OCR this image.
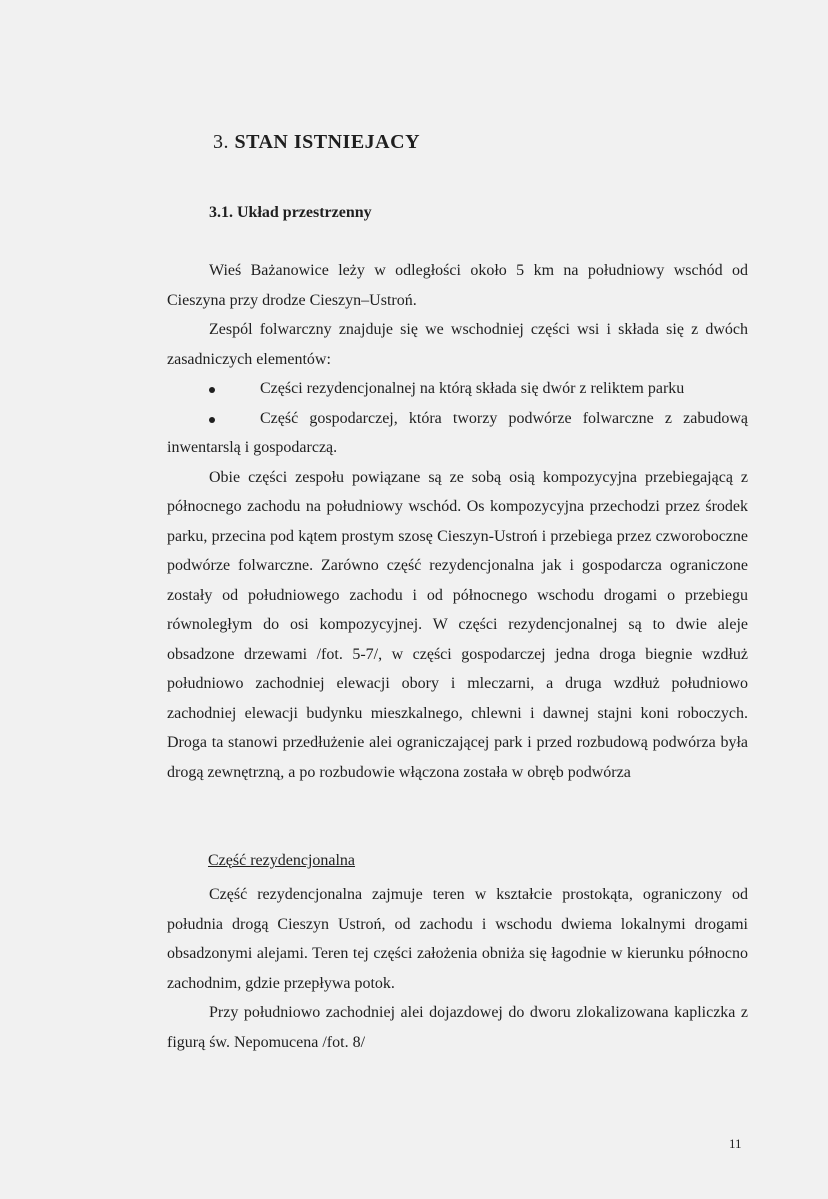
3. STAN ISTNIEJACY
3.1. Układ przestrzenny

Wieś Bażanowice leży w odległości około 5 km na południowy wschód od Cieszyna przy drodze Cieszyn–Ustroń.

Zespól folwarczny znajduje się we wschodniej części wsi i składa się z dwóch zasadniczych elementów:

Części rezydencjonalnej na którą składa się dwór z reliktem parku

Część gospodarczej, która tworzy podwórze folwarczne z zabudową inwentarslą i gospodarczą.

Obie części zespołu powiązane są ze sobą osią kompozycyjna przebiegającą z północnego zachodu na południowy wschód. Os kompozycyjna przechodzi przez środek parku, przecina pod kątem prostym szosę Cieszyn-Ustroń i przebiega przez czworoboczne podwórze folwarczne. Zarówno część rezydencjonalna jak i gospodarcza ograniczone zostały od południowego zachodu i od północnego wschodu drogami o przebiegu równoległym do osi kompozycyjnej. W części rezydencjonalnej są to dwie aleje obsadzone drzewami /fot. 5-7/, w części gospodarczej jedna droga biegnie wzdłuż południowo zachodniej elewacji obory i mleczarni, a druga wzdłuż południowo zachodniej elewacji budynku mieszkalnego, chlewni i dawnej stajni koni roboczych. Droga ta stanowi przedłużenie alei ograniczającej park i przed rozbudową podwórza była drogą zewnętrzną, a po rozbudowie włączona została w obręb podwórza

Część rezydencjonalna

Część rezydencjonalna zajmuje teren w kształcie prostokąta, ograniczony od południa drogą Cieszyn Ustroń, od zachodu i wschodu dwiema lokalnymi drogami obsadzonymi alejami. Teren tej części założenia obniża się łagodnie w kierunku północno zachodnim, gdzie przepływa potok.

Przy południowo zachodniej alei dojazdowej do dworu zlokalizowana kapliczka z figurą św. Nepomucena /fot. 8/

11
